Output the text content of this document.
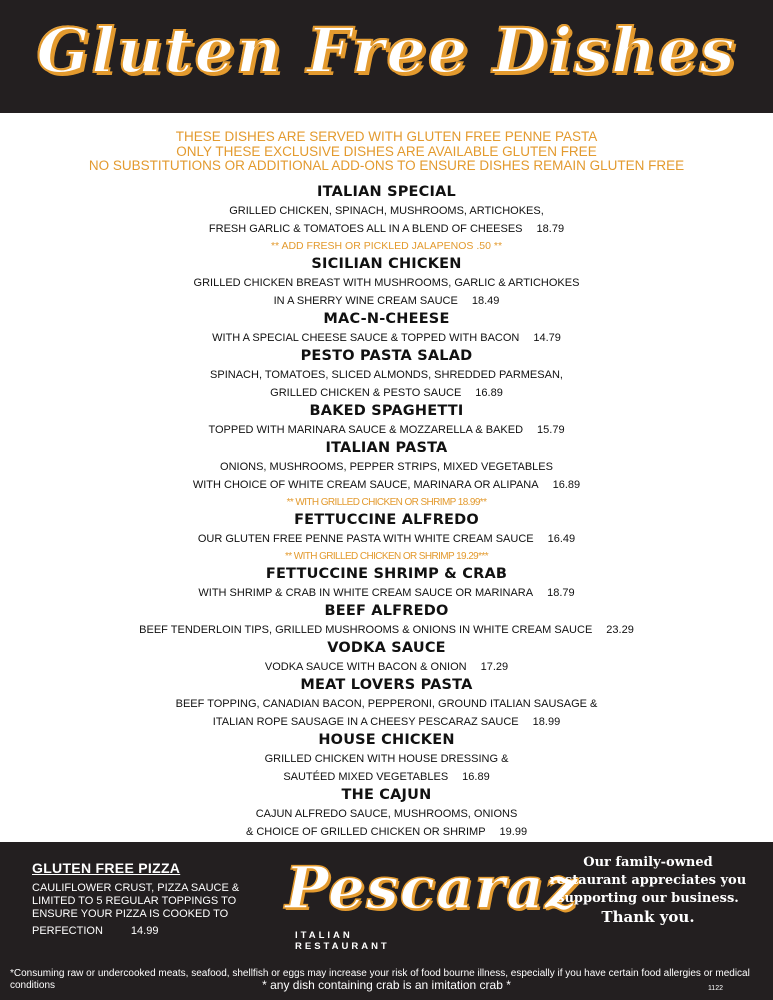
Gluten Free Dishes
THESE DISHES ARE SERVED WITH GLUTEN FREE PENNE PASTA
ONLY THESE EXCLUSIVE DISHES ARE AVAILABLE GLUTEN FREE
NO SUBSTITUTIONS OR ADDITIONAL ADD-ONS TO ENSURE DISHES REMAIN GLUTEN FREE
ITALIAN SPECIAL
GRILLED CHICKEN, SPINACH, MUSHROOMS, ARTICHOKES,
FRESH GARLIC & TOMATOES ALL IN A BLEND OF CHEESES 18.79
** ADD FRESH OR PICKLED JALAPENOS .50 **
SICILIAN CHICKEN
GRILLED CHICKEN BREAST WITH MUSHROOMS, GARLIC & ARTICHOKES
IN A SHERRY WINE CREAM SAUCE 18.49
MAC-N-CHEESE
WITH A SPECIAL CHEESE SAUCE & TOPPED WITH BACON 14.79
PESTO PASTA SALAD
SPINACH, TOMATOES, SLICED ALMONDS, SHREDDED PARMESAN,
GRILLED CHICKEN & PESTO SAUCE 16.89
BAKED SPAGHETTI
TOPPED WITH MARINARA SAUCE & MOZZARELLA & BAKED 15.79
ITALIAN PASTA
ONIONS, MUSHROOMS, PEPPER STRIPS, MIXED VEGETABLES
WITH CHOICE OF WHITE CREAM SAUCE, MARINARA OR ALIPANA 16.89
** WITH GRILLED CHICKEN OR SHRIMP 18.99**
FETTUCCINE ALFREDO
OUR GLUTEN FREE PENNE PASTA WITH WHITE CREAM SAUCE 16.49
** WITH GRILLED CHICKEN OR SHRIMP 19.29***
FETTUCCINE SHRIMP & CRAB
WITH SHRIMP & CRAB IN WHITE CREAM SAUCE OR MARINARA 18.79
BEEF ALFREDO
BEEF TENDERLOIN TIPS, GRILLED MUSHROOMS & ONIONS IN WHITE CREAM SAUCE 23.29
VODKA SAUCE
VODKA SAUCE WITH BACON & ONION 17.29
MEAT LOVERS PASTA
BEEF TOPPING, CANADIAN BACON, PEPPERONI, GROUND ITALIAN SAUSAGE &
ITALIAN ROPE SAUSAGE IN A CHEESY PESCARAZ SAUCE 18.99
HOUSE CHICKEN
GRILLED CHICKEN WITH HOUSE DRESSING &
SAUTÉED MIXED VEGETABLES 16.89
THE CAJUN
CAJUN ALFREDO SAUCE, MUSHROOMS, ONIONS
& CHOICE OF GRILLED CHICKEN OR SHRIMP 19.99
GLUTEN FREE PIZZA
CAULIFLOWER CRUST, PIZZA SAUCE & LIMITED TO 5 REGULAR TOPPINGS TO ENSURE YOUR PIZZA IS COOKED TO
PERFECTION	14.99
Pescaraz
ITALIAN
RESTAURANT
Our family-owned
restaurant appreciates you
supporting our business.
Thank you.
*Consuming raw or undercooked meats, seafood, shellfish or eggs may increase your risk of food bourne illness, especially if you have certain food allergies or medical conditions	* any dish containing crab is an imitation crab *	1122
